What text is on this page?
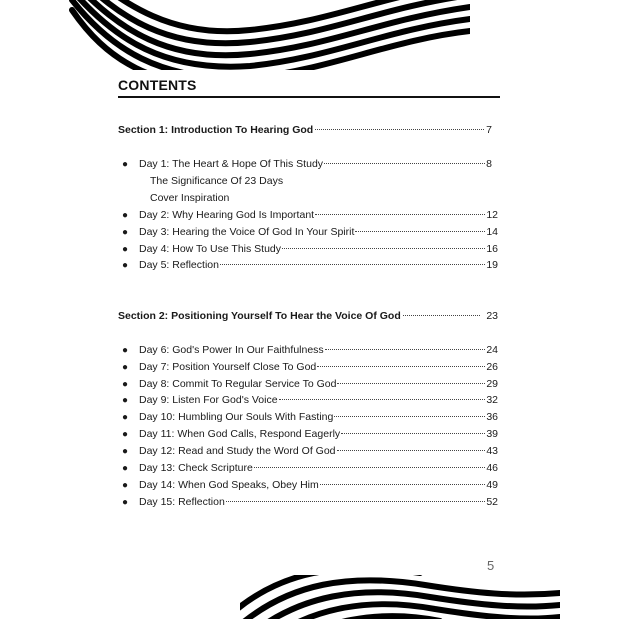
CONTENTS
Section 1: Introduction To Hearing God	7
●	Day 1: The Heart & Hope Of This Study	8
The Significance Of 23 Days
Cover Inspiration
●	Day 2: Why Hearing God Is Important	12
●	Day 3: Hearing the Voice Of God In Your Spirit	14
●	Day 4: How To Use This Study	16
●	Day 5: Reflection	19
Section 2: Positioning Yourself To Hear the Voice Of God	23
●	Day 6: God's Power In Our Faithfulness	24
●	Day 7: Position Yourself Close To God	26
●	Day 8: Commit To Regular Service To God	29
●	Day 9: Listen For God's Voice	32
●	Day 10: Humbling Our Souls With Fasting	36
●	Day 11: When God Calls, Respond Eagerly	39
●	Day 12: Read and Study the Word Of God	43
●	Day 13: Check Scripture	46
●	Day 14: When God Speaks, Obey Him	49
●	Day 15: Reflection	52
5
